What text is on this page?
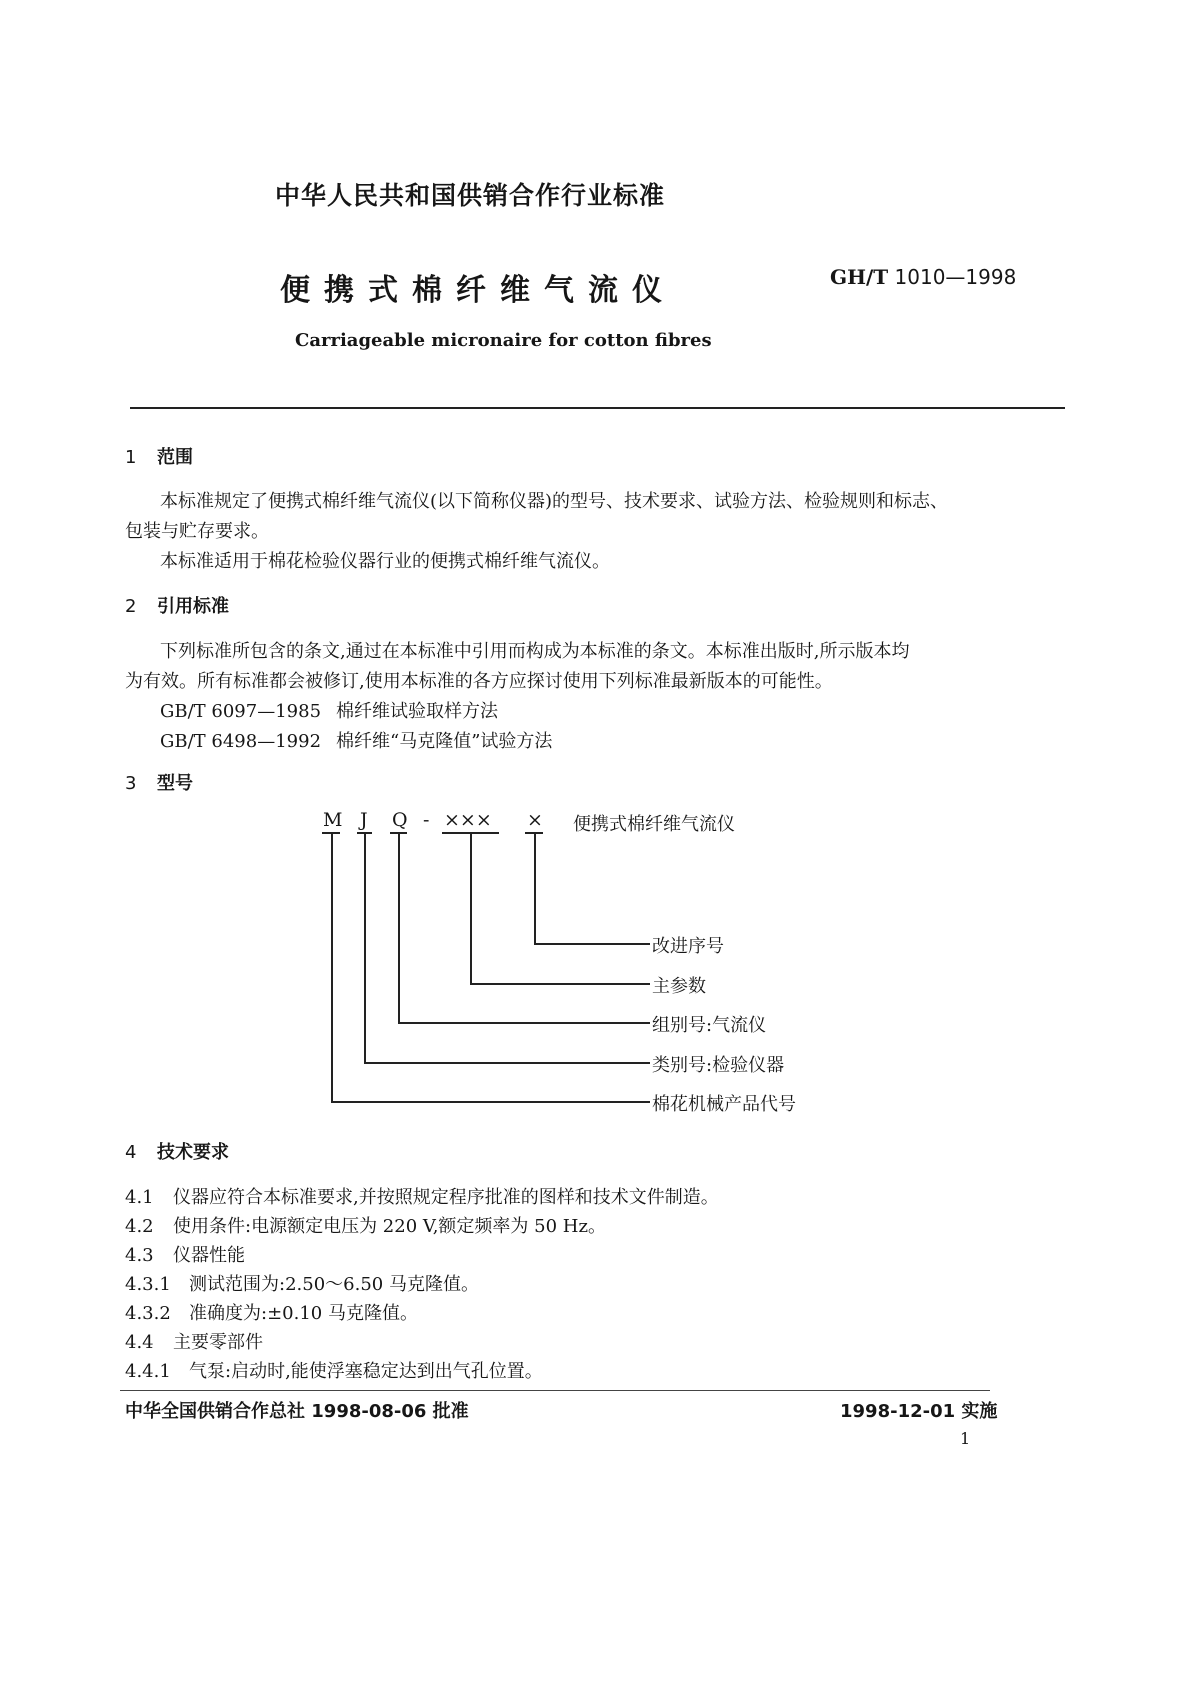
中华人民共和国供销合作行业标准
便携式棉纤维气流仪	GH/T 1010—1998
Carriageable micronaire for cotton fibres
1 范围
本标准规定了便携式棉纤维气流仪(以下简称仪器)的型号、技术要求、试验方法、检验规则和标志、
包装与贮存要求。
本标准适用于棉花检验仪器行业的便携式棉纤维气流仪。
2 引用标准
下列标准所包含的条文,通过在本标准中引用而构成为本标准的条文。本标准出版时,所示版本均
为有效。所有标准都会被修订,使用本标准的各方应探讨使用下列标准最新版本的可能性。
GB/T 6097—1985 棉纤维试验取样方法
GB/T 6498—1992 棉纤维“马克隆值”试验方法
3 型号
M J Q - ××× × 便携式棉纤维气流仪
改进序号
主参数
组别号:气流仪
类别号:检验仪器
棉花机械产品代号
4 技术要求
4.1 仪器应符合本标准要求,并按照规定程序批准的图样和技术文件制造。
4.2 使用条件:电源额定电压为 220 V,额定频率为 50 Hz。
4.3 仪器性能
4.3.1 测试范围为:2.50～6.50 马克隆值。
4.3.2 准确度为:±0.10 马克隆值。
4.4 主要零部件
4.4.1 气泵:启动时,能使浮塞稳定达到出气孔位置。
中华全国供销合作总社 1998-08-06 批准	1998-12-01 实施
1
